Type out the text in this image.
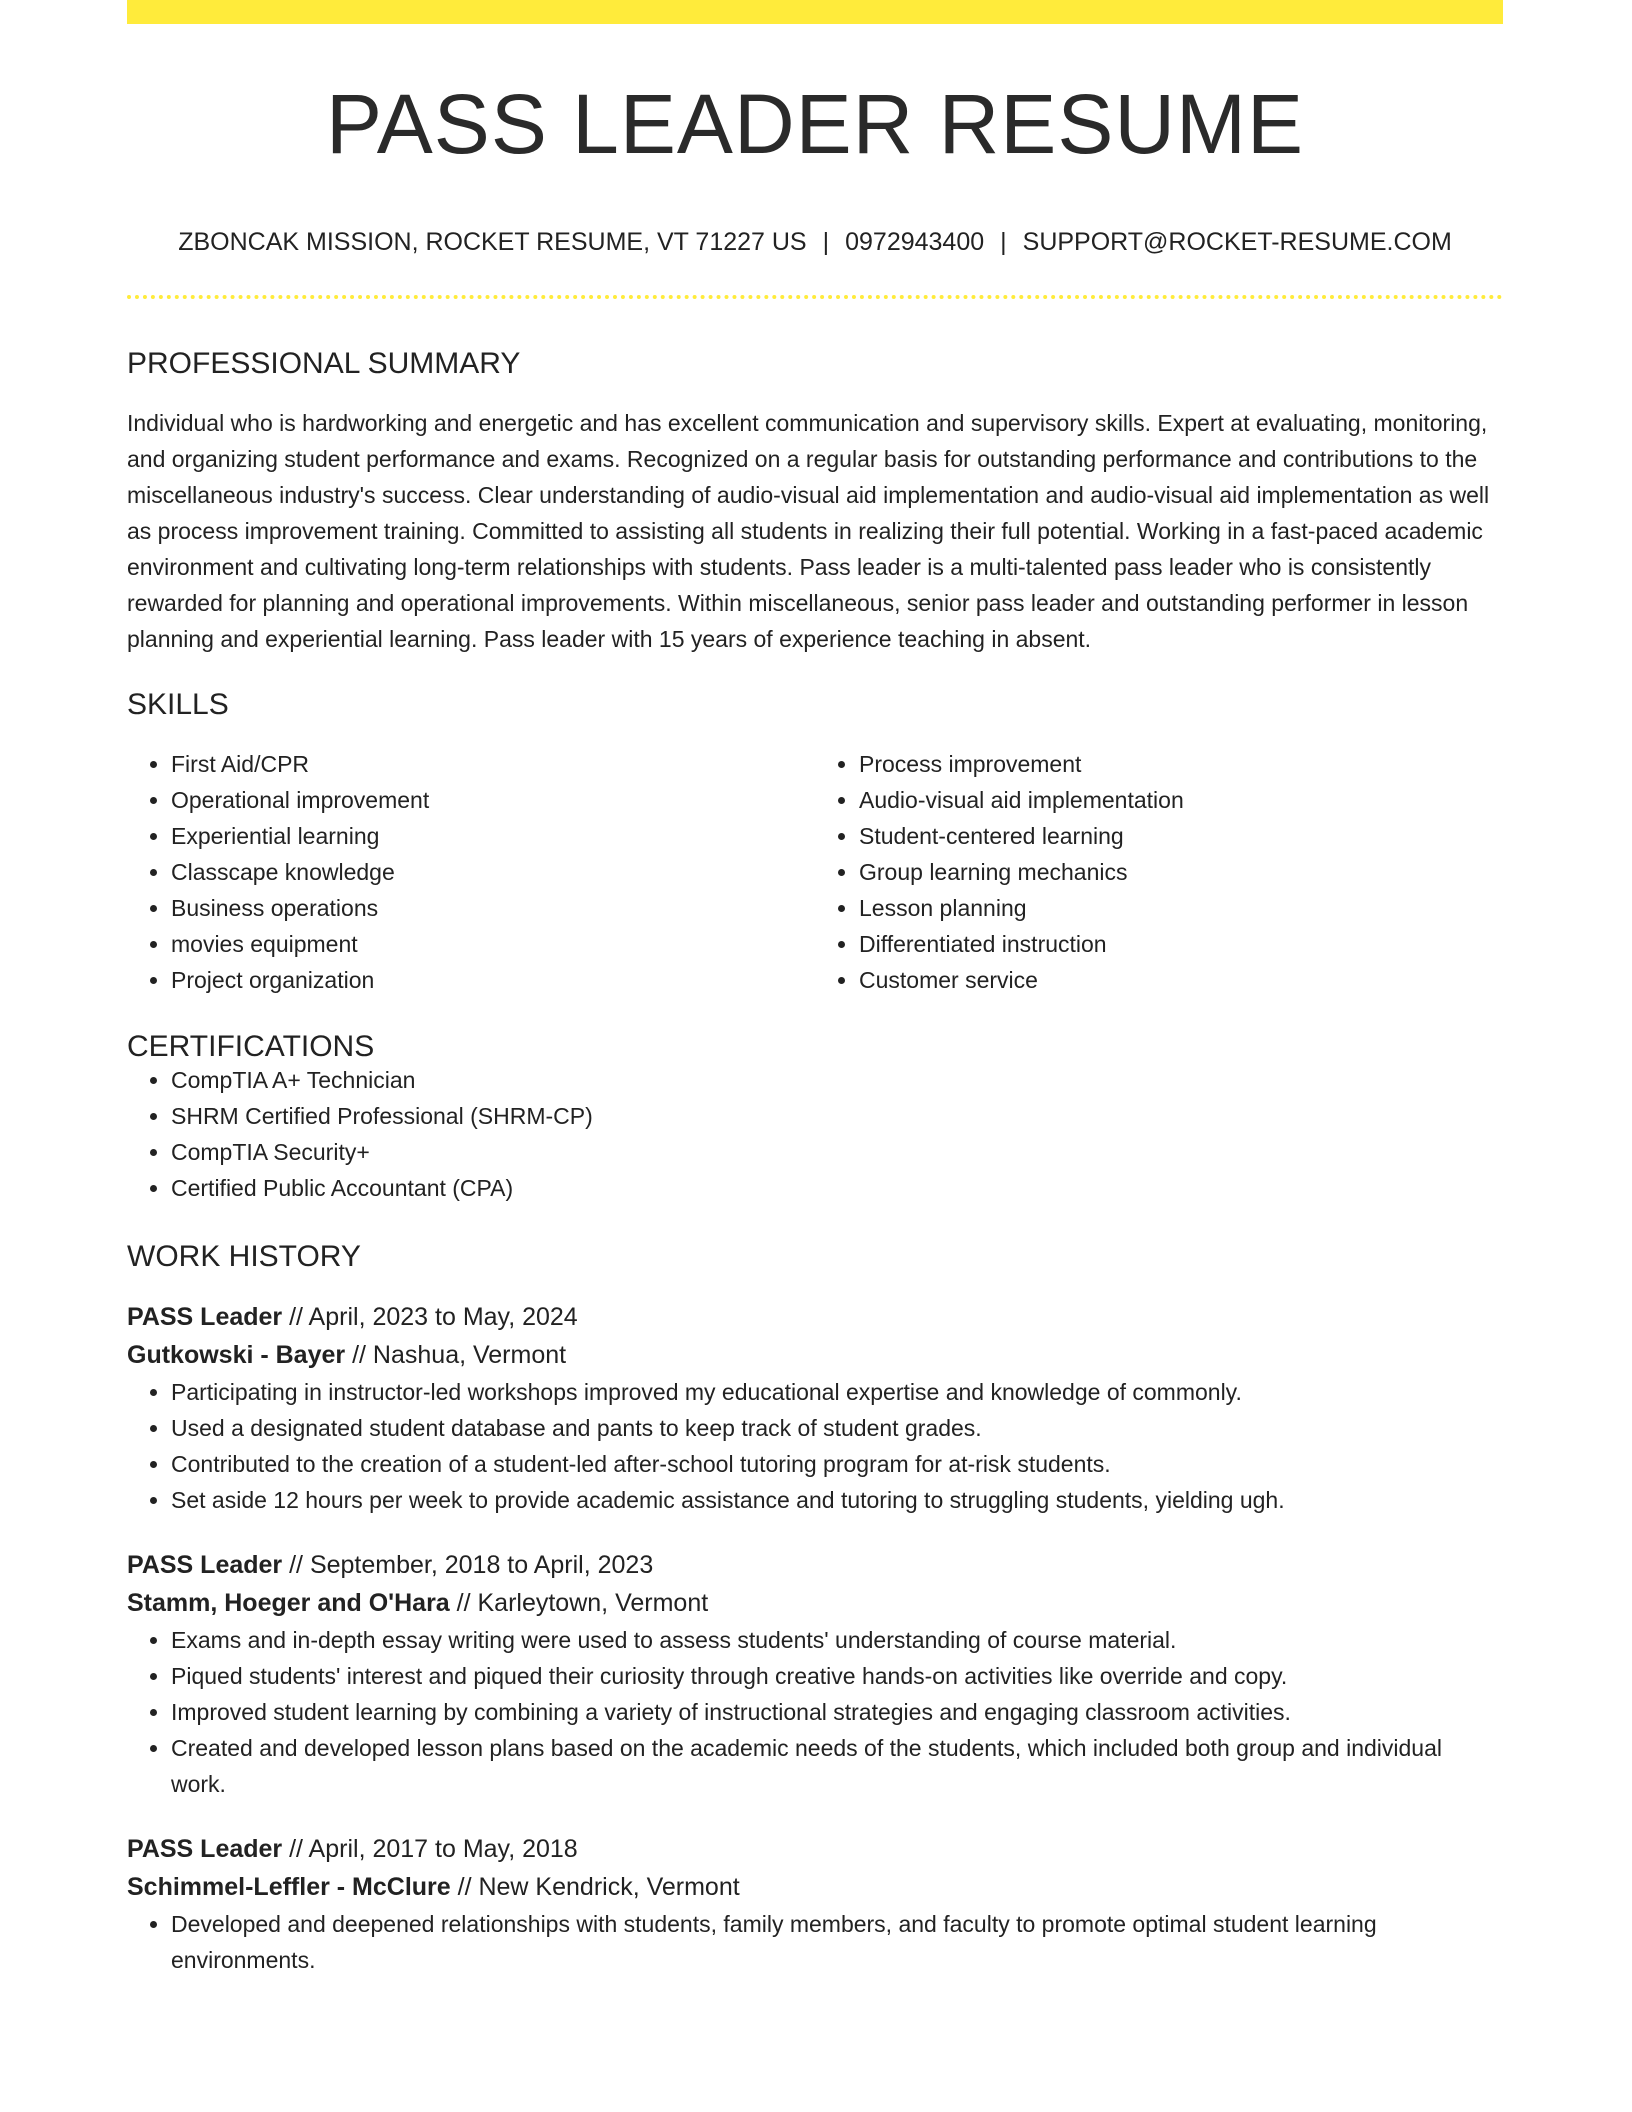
PASS LEADER RESUME
ZBONCAK MISSION, ROCKET RESUME, VT 71227 US | 0972943400 | SUPPORT@ROCKET-RESUME.COM
PROFESSIONAL SUMMARY

Individual who is hardworking and energetic and has excellent communication and supervisory skills. Expert at evaluating, monitoring, and organizing student performance and exams. Recognized on a regular basis for outstanding performance and contributions to the miscellaneous industry's success. Clear understanding of audio-visual aid implementation and audio-visual aid implementation as well as process improvement training. Committed to assisting all students in realizing their full potential. Working in a fast-paced academic environment and cultivating long-term relationships with students. Pass leader is a multi-talented pass leader who is consistently rewarded for planning and operational improvements. Within miscellaneous, senior pass leader and outstanding performer in lesson planning and experiential learning. Pass leader with 15 years of experience teaching in absent.

SKILLS
• First Aid/CPR
• Operational improvement
• Experiential learning
• Classcape knowledge
• Business operations
• movies equipment
• Project organization
• Process improvement
• Audio-visual aid implementation
• Student-centered learning
• Group learning mechanics
• Lesson planning
• Differentiated instruction
• Customer service
CERTIFICATIONS
• CompTIA A+ Technician
• SHRM Certified Professional (SHRM-CP)
• CompTIA Security+
• Certified Public Accountant (CPA)
WORK HISTORY
PASS Leader // April, 2023 to May, 2024
Gutkowski - Bayer // Nashua, Vermont
• Participating in instructor-led workshops improved my educational expertise and knowledge of commonly.
• Used a designated student database and pants to keep track of student grades.
• Contributed to the creation of a student-led after-school tutoring program for at-risk students.
• Set aside 12 hours per week to provide academic assistance and tutoring to struggling students, yielding ugh.
PASS Leader // September, 2018 to April, 2023
Stamm, Hoeger and O'Hara // Karleytown, Vermont
• Exams and in-depth essay writing were used to assess students' understanding of course material.
• Piqued students' interest and piqued their curiosity through creative hands-on activities like override and copy.
• Improved student learning by combining a variety of instructional strategies and engaging classroom activities.
• Created and developed lesson plans based on the academic needs of the students, which included both group and individual work.
PASS Leader // April, 2017 to May, 2018
Schimmel-Leffler - McClure // New Kendrick, Vermont
• Developed and deepened relationships with students, family members, and faculty to promote optimal student learning environments.
